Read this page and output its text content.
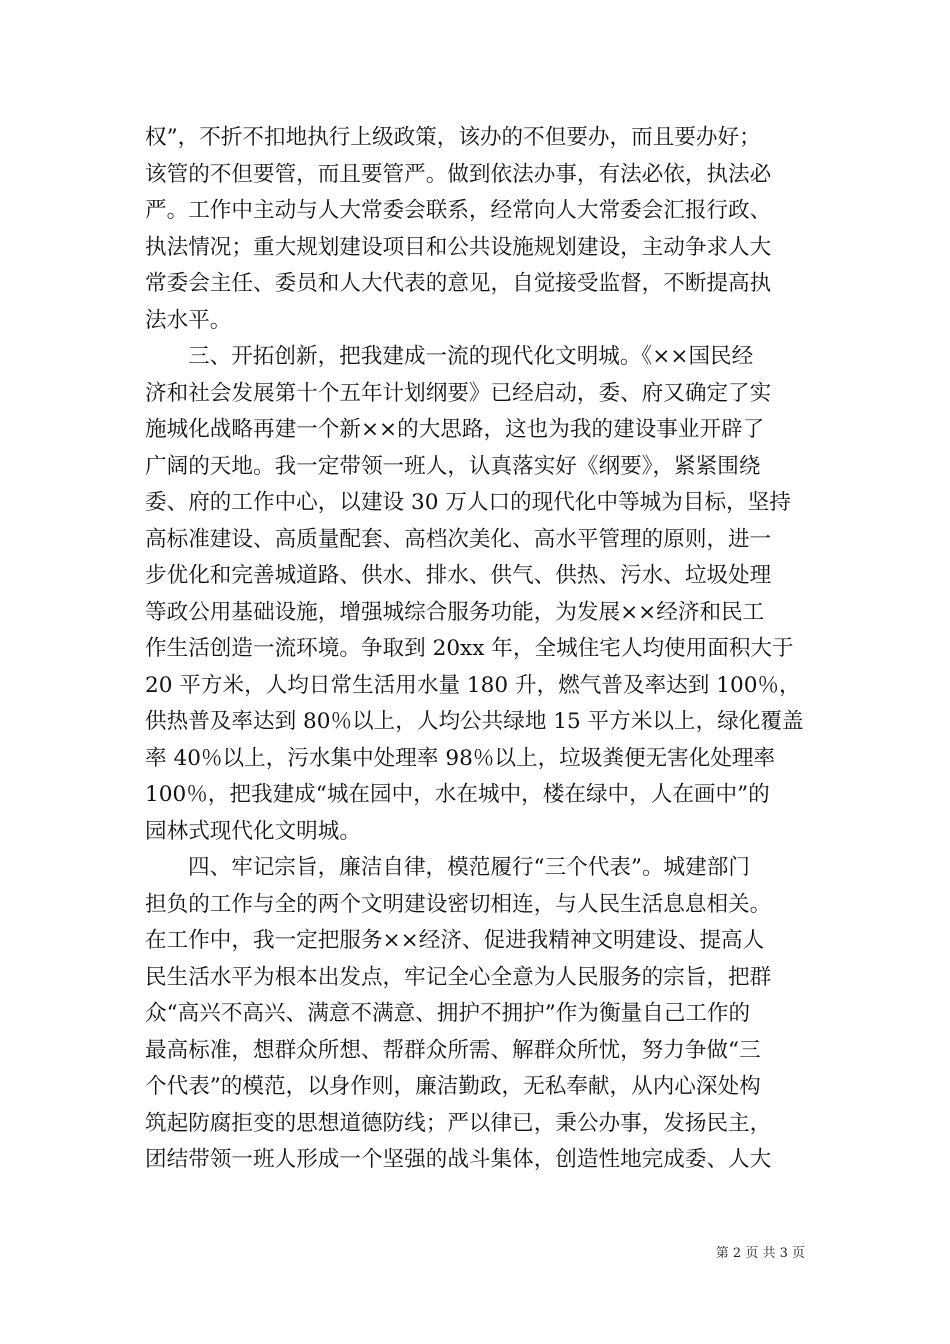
权”，不折不扣地执行上级政策，该办的不但要办，而且要办好；
该管的不但要管，而且要管严。做到依法办事，有法必依，执法必
严。工作中主动与人大常委会联系，经常向人大常委会汇报行政、
执法情况；重大规划建设项目和公共设施规划建设，主动争求人大
常委会主任、委员和人大代表的意见，自觉接受监督，不断提高执
法水平。
三、开拓创新，把我建成一流的现代化文明城。《××国民经
济和社会发展第十个五年计划纲要》已经启动，委、府又确定了实
施城化战略再建一个新××的大思路，这也为我的建设事业开辟了
广阔的天地。我一定带领一班人，认真落实好《纲要》，紧紧围绕
委、府的工作中心，以建设 30 万人口的现代化中等城为目标，坚持
高标准建设、高质量配套、高档次美化、高水平管理的原则，进一
步优化和完善城道路、供水、排水、供气、供热、污水、垃圾处理
等政公用基础设施，增强城综合服务功能，为发展××经济和民工
作生活创造一流环境。争取到 20xx 年，全城住宅人均使用面积大于
20 平方米，人均日常生活用水量 180 升，燃气普及率达到 100％，
供热普及率达到 80％以上，人均公共绿地 15 平方米以上，绿化覆盖
率 40％以上，污水集中处理率 98％以上，垃圾粪便无害化处理率
100％，把我建成“城在园中，水在城中，楼在绿中，人在画中”的
园林式现代化文明城。
四、牢记宗旨，廉洁自律，模范履行“三个代表”。城建部门
担负的工作与全的两个文明建设密切相连，与人民生活息息相关。
在工作中，我一定把服务××经济、促进我精神文明建设、提高人
民生活水平为根本出发点，牢记全心全意为人民服务的宗旨，把群
众“高兴不高兴、满意不满意、拥护不拥护”作为衡量自己工作的
最高标准，想群众所想、帮群众所需、解群众所忧，努力争做“三
个代表”的模范，以身作则，廉洁勤政，无私奉献，从内心深处构
筑起防腐拒变的思想道德防线；严以律已，秉公办事，发扬民主，
团结带领一班人形成一个坚强的战斗集体，创造性地完成委、人大
第 2 页 共 3 页
